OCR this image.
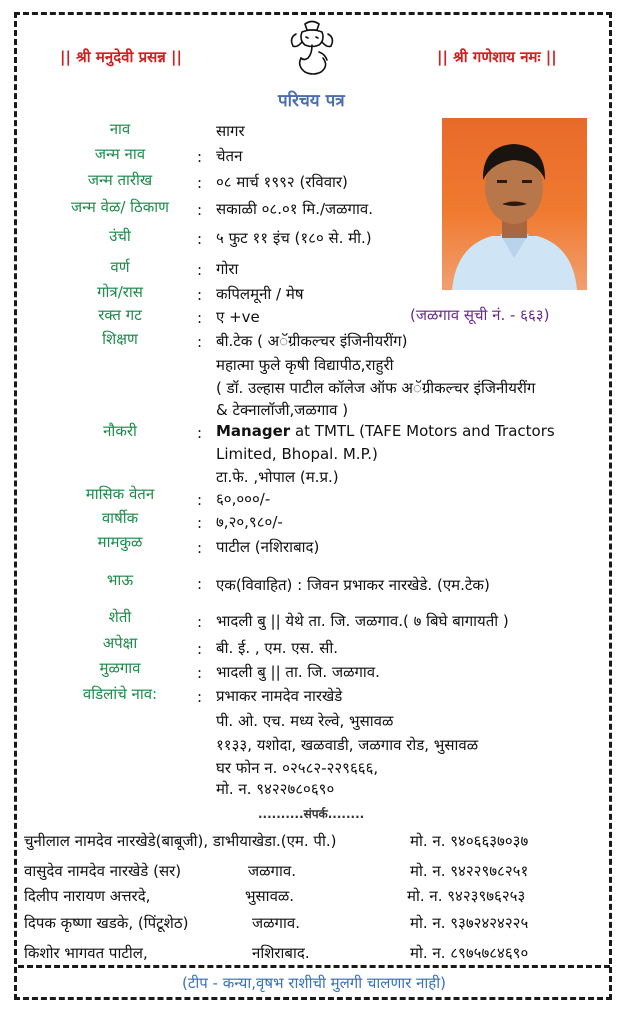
|| श्री मनुदेवी प्रसन्न ||	|| श्री गणेशाय नमः ||
परिचय पत्र
नाव	सागर
जन्म नाव	: चेतन
जन्म तारीख	: ०८ मार्च १९९२ (रविवार)
जन्म वेळ/ ठिकाण	: सकाळी ०८.०१ मि./जळगाव.
उंची	: ५ फुट ११ इंच (१८० से. मी.)
वर्ण	: गोरा
गोत्र/रास	: कपिलमूनी / मेष
रक्त गट	: ए +ve
शिक्षण	: बी.टेक ( अॅग्रीकल्चर इंजिनीयरींग)
महात्मा फुले कृषी विद्यापीठ,राहुरी
( डॉ. उल्हास पाटील कॉलेज ऑफ अॅग्रीकल्चर इंजिनीयरींग
& टेक्नालॉजी,जळगाव )
नौकरी	: Manager at TMTL (TAFE Motors and Tractors
Limited, Bhopal. M.P.)
टा.फे. ,भोपाल (म.प्र.)
मासिक वेतन	: ६०,०००/-
वार्षीक	: ७,२०,९८०/-
मामकुळ	: पाटील (नशिराबाद)
भाऊ	: एक(विवाहित) : जिवन प्रभाकर नारखेडे. (एम.टेक)
शेती	: भादली बु || येथे ता. जि. जळगाव.( ७ बिघे बागायती )
अपेक्षा	: बी. ई. , एम. एस. सी.
मुळगाव	: भादली बु || ता. जि. जळगाव.
वडिलांचे नाव:	: प्रभाकर नामदेव नारखेडे
पी. ओ. एच. मध्य रेल्वे, भुसावळ
११३३, यशोदा, खळवाडी, जळगाव रोड, भुसावळ
घर फोन न. ०२५८२-२२९६६६,
मो. न. ९४२२७८०६९०
(जळगाव सूची नं. - ६६३)
..........संपर्क........
चुनीलाल नामदेव नारखेडे(बाबूजी), डाभीयाखेडा.(एम. पी.)	मो. न. ९४०६६३७०३७
वासुदेव नामदेव नारखेडे (सर)	जळगाव.	मो. न. ९४२२९७८२५१
दिलीप नारायण अत्तरदे,	भुसावळ.	मो. न. ९४२३९७६२५३
दिपक कृष्णा खडके, (पिंटूशेठ)	जळगाव.	मो. न. ९३७२४२४२२५
किशोर भागवत पाटील,	नशिराबाद.	मो. न. ८९७५७८४६९०
(टीप - कन्या,वृषभ राशीची मुलगी चालणार नाही)
